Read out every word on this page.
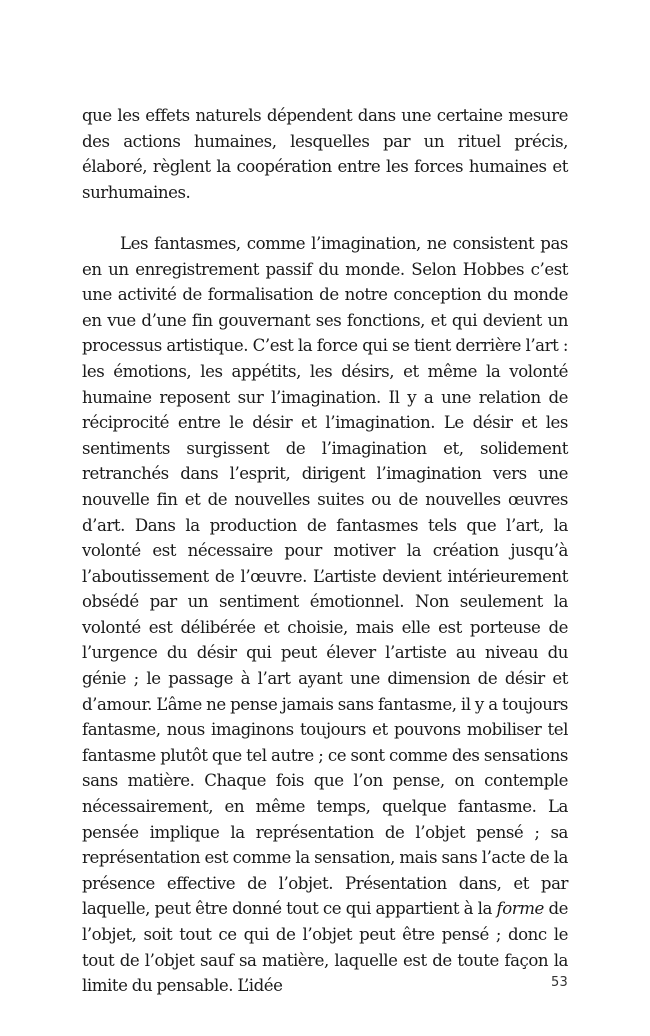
que les effets naturels dépendent dans une certaine mesure des actions humaines, lesquelles par un rituel précis, élaboré, règlent la coopération entre les forces humaines et surhumaines.

Les fantasmes, comme l’imagination, ne consistent pas en un enregistrement passif du monde. Selon Hobbes c’est une activité de formalisation de notre conception du monde en vue d’une fin gouvernant ses fonctions, et qui devient un processus artistique. C’est la force qui se tient derrière l’art : les émotions, les appétits, les désirs, et même la volonté humaine reposent sur l’imagination. Il y a une relation de réciprocité entre le désir et l’imagination. Le désir et les sentiments surgissent de l’imagination et, solidement retranchés dans l’esprit, dirigent l’imagination vers une nouvelle fin et de nouvelles suites ou de nouvelles œuvres d’art. Dans la production de fantasmes tels que l’art, la volonté est nécessaire pour motiver la création jusqu’à l’aboutissement de l’œuvre. L’artiste devient intérieurement obsédé par un sentiment émotionnel. Non seulement la volonté est délibérée et choisie, mais elle est porteuse de l’urgence du désir qui peut élever l’artiste au niveau du génie ; le passage à l’art ayant une dimension de désir et d’amour. L’âme ne pense jamais sans fantasme, il y a toujours fantasme, nous imaginons toujours et pouvons mobiliser tel fantasme plutôt que tel autre ; ce sont comme des sensations sans matière. Chaque fois que l’on pense, on contemple nécessairement, en même temps, quelque fantasme. La pensée implique la représentation de l’objet pensé ; sa représentation est comme la sensation, mais sans l’acte de la présence effective de l’objet. Présentation dans, et par laquelle, peut être donné tout ce qui appartient à la forme de l’objet, soit tout ce qui de l’objet peut être pensé ; donc le tout de l’objet sauf sa matière, laquelle est de toute façon la limite du pensable. L’idée	53
